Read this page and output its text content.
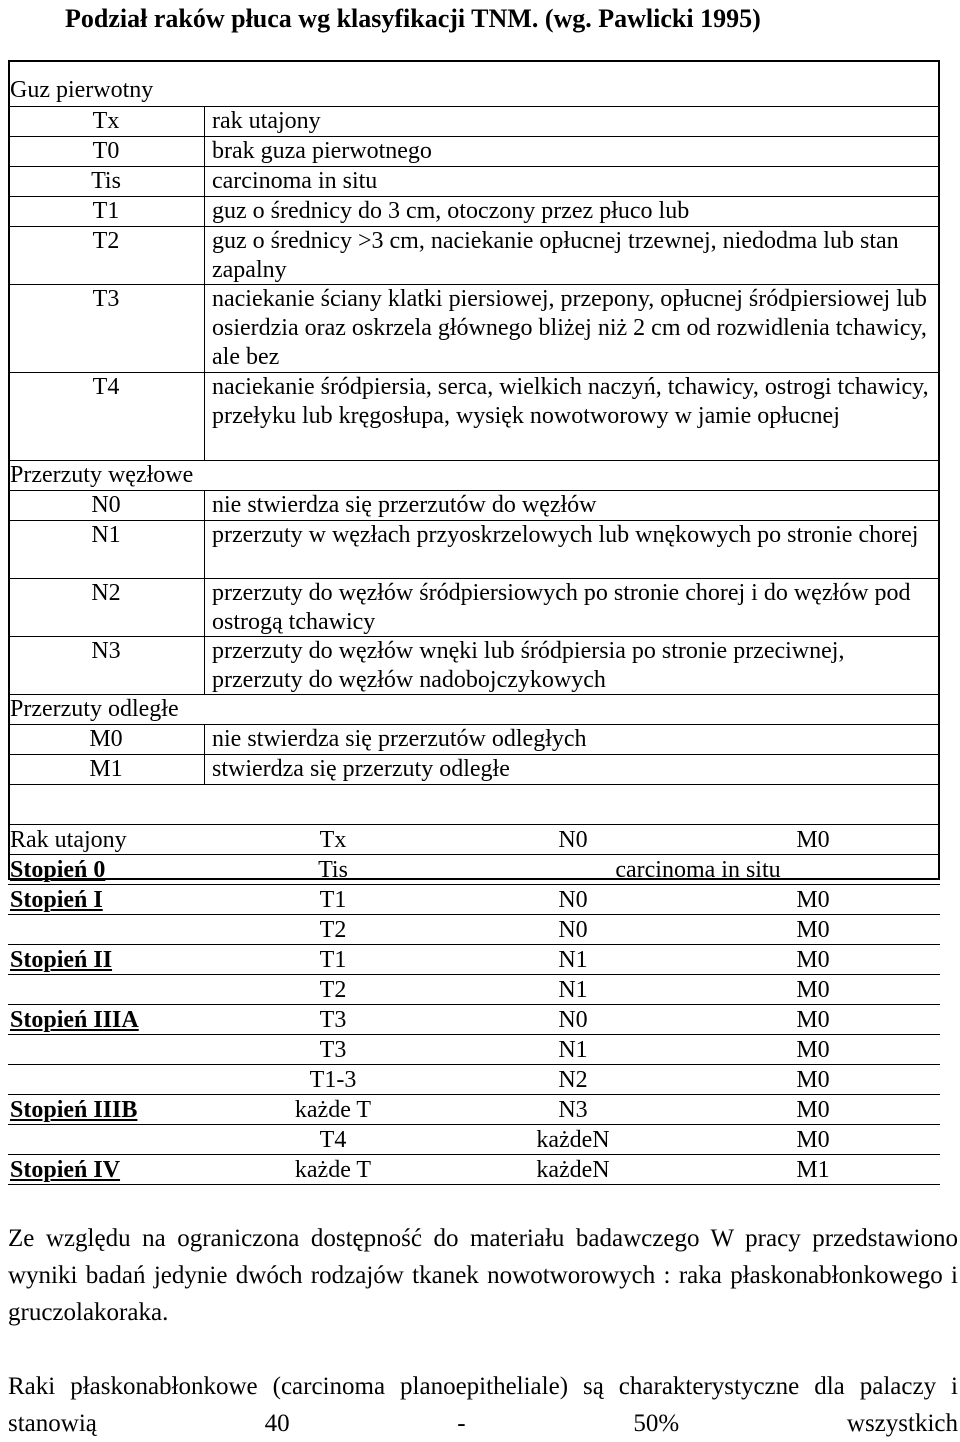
Podział raków płuca wg klasyfikacji TNM. (wg. Pawlicki 1995)
Guz pierwotny
Tx	rak utajony
T0	brak guza pierwotnego
Tis	carcinoma in situ
T1	guz o średnicy do 3 cm, otoczony przez płuco lub
T2	guz o średnicy >3 cm, naciekanie opłucnej trzewnej, niedodma lub stan zapalny
T3	naciekanie ściany klatki piersiowej, przepony, opłucnej śródpiersiowej lub osierdzia oraz oskrzela głównego bliżej niż 2 cm od rozwidlenia tchawicy, ale bez
T4	naciekanie śródpiersia, serca, wielkich naczyń, tchawicy, ostrogi tchawicy, przełyku lub kręgosłupa, wysięk nowotworowy w jamie opłucnej
Przerzuty węzłowe
N0	nie stwierdza się przerzutów do węzłów
N1	przerzuty w węzłach przyoskrzelowych lub wnękowych po stronie chorej
N2	przerzuty do węzłów śródpiersiowych po stronie chorej i do węzłów pod ostrogą tchawicy
N3	przerzuty do węzłów wnęki lub śródpiersia po stronie przeciwnej, przerzuty do węzłów nadobojczykowych
Przerzuty odległe
M0	nie stwierdza się przerzutów odległych
M1	stwierdza się przerzuty odległe
Rak utajony	Tx	N0	M0
Stopień 0	Tis	carcinoma in situ
Stopień I	T1	N0	M0
T2	N0	M0
Stopień II	T1	N1	M0
T2	N1	M0
Stopień IIIA	T3	N0	M0
T3	N1	M0
T1-3	N2	M0
Stopień IIIB	każde T	N3	M0
T4	każdeN	M0
Stopień IV	każde T	każdeN	M1
Ze względu na ograniczona dostępność do materiału badawczego W pracy przedstawiono wyniki badań jedynie dwóch rodzajów tkanek nowotworowych : raka płaskonabłonkowego i gruczolakoraka.
Raki płaskonabłonkowe (carcinoma planoepitheliale) są charakterystyczne dla palaczy i stanowią 40 - 50% wszystkich
